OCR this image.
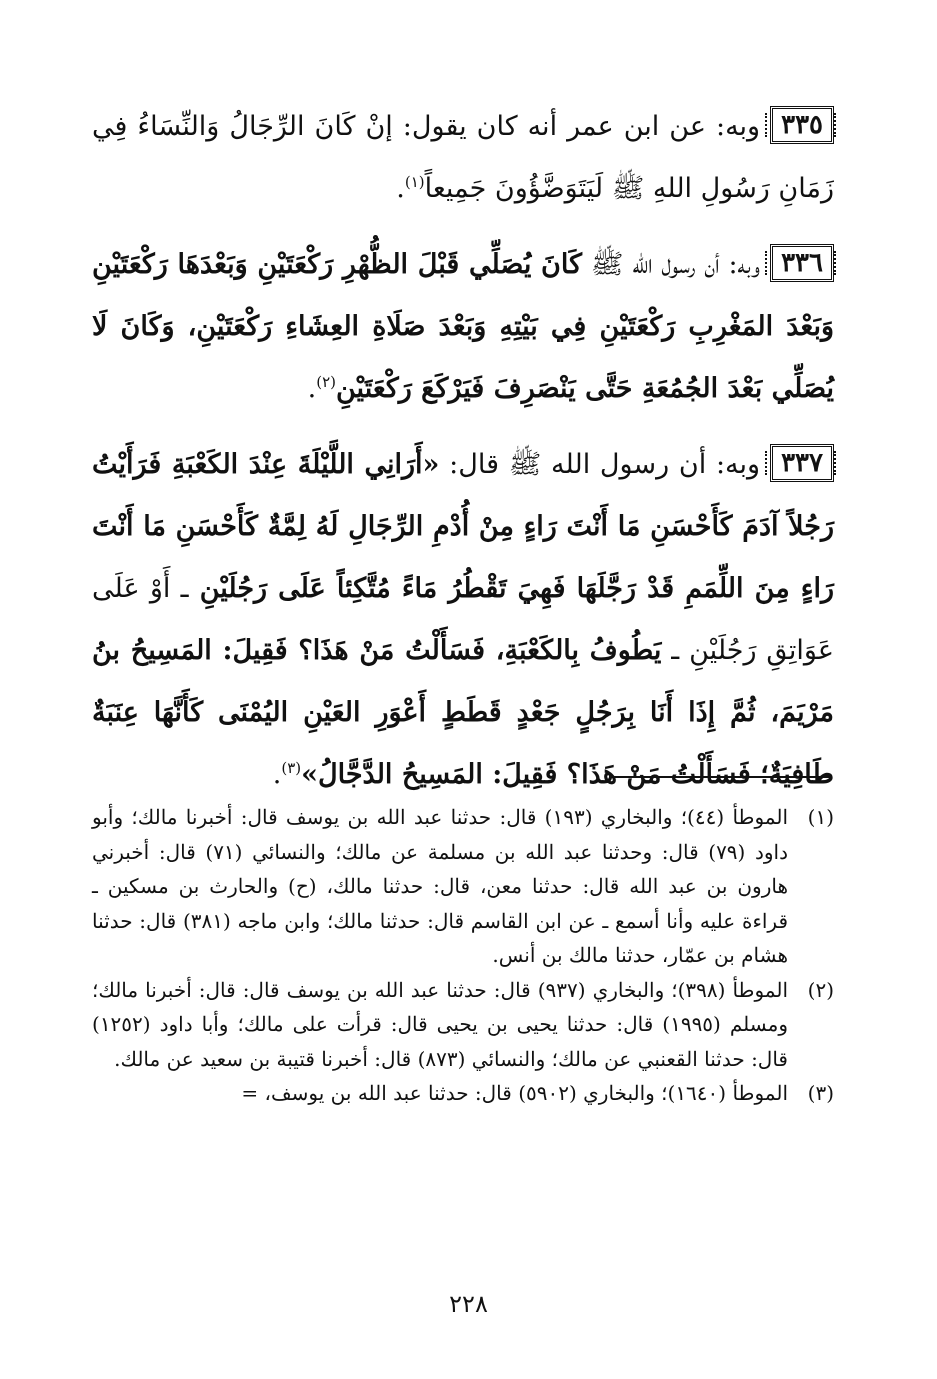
٣٣٥وبه: عن ابن عمر أنه كان يقول: إنْ كَانَ الرِّجَالُ وَالنِّسَاءُ فِي زَمَانِ رَسُولِ اللهِ ﷺ لَيَتَوَضَّؤُونَ جَمِيعاً$^{(١)}$.

٣٣٦وبه: أن رسول الله ﷺ كَانَ يُصَلِّي قَبْلَ الظُّهْرِ رَكْعَتَيْنِ وَبَعْدَهَا رَكْعَتَيْنِ وَبَعْدَ المَغْرِبِ رَكْعَتَيْنِ فِي بَيْتِهِ وَبَعْدَ صَلَاةِ العِشَاءِ رَكْعَتَيْنِ، وَكَانَ لَا يُصَلِّي بَعْدَ الجُمُعَةِ حَتَّى يَنْصَرِفَ فَيَرْكَعَ رَكْعَتَيْنِ$^{(٢)}$.

٣٣٧وبه: أن رسول الله ﷺ قال: «أَرَانِي اللَّيْلَةَ عِنْدَ الكَعْبَةِ فَرَأَيْتُ رَجُلاً آدَمَ كَأَحْسَنِ مَا أَنْتَ رَاءٍ مِنْ أُدْمِ الرِّجَالِ لَهُ لِمَّةٌ كَأَحْسَنِ مَا أَنْتَ رَاءٍ مِنَ اللِّمَمِ قَدْ رَجَّلَهَا فَهِيَ تَقْطُرُ مَاءً مُتَّكِئاً عَلَى رَجُلَيْنِ ـ أَوْ عَلَى عَوَاتِقِ رَجُلَيْنِ ـ يَطُوفُ بِالكَعْبَةِ، فَسَأَلْتُ مَنْ هَذَا؟ فَقِيلَ: المَسِيحُ بنُ مَرْيَمَ، ثُمَّ إِذَا أَنَا بِرَجُلٍ جَعْدٍ قَطَطٍ أَعْوَرِ العَيْنِ اليُمْنَى كَأَنَّهَا عِنَبَةٌ طَافِيَةٌ؛ فَسَأَلْتُ مَنْ هَذَا؟ فَقِيلَ: المَسِيحُ الدَّجَّالُ»$^{(٣)}$.

(١)
الموطأ (٤٤)؛ والبخاري (١٩٣) قال: حدثنا عبد الله بن يوسف قال: أخبرنا مالك؛ وأبو داود (٧٩) قال: وحدثنا عبد الله بن مسلمة عن مالك؛ والنسائي (٧١) قال: أخبرني هارون بن عبد الله قال: حدثنا معن، قال: حدثنا مالك، (ح) والحارث بن مسكين ـ قراءة عليه وأنا أسمع ـ عن ابن القاسم قال: حدثنا مالك؛ وابن ماجه (٣٨١) قال: حدثنا هشام بن عمّار، حدثنا مالك بن أنس.
(٢)
الموطأ (٣٩٨)؛ والبخاري (٩٣٧) قال: حدثنا عبد الله بن يوسف قال: قال: أخبرنا مالك؛ ومسلم (١٩٩٥) قال: حدثنا يحيى بن يحيى قال: قرأت على مالك؛ وأبا داود (١٢٥٢) قال: حدثنا القعنبي عن مالك؛ والنسائي (٨٧٣) قال: أخبرنا قتيبة بن سعيد عن مالك.
(٣)
الموطأ (١٦٤٠)؛ والبخاري (٥٩٠٢) قال: حدثنا عبد الله بن يوسف، =
٢٢٨
